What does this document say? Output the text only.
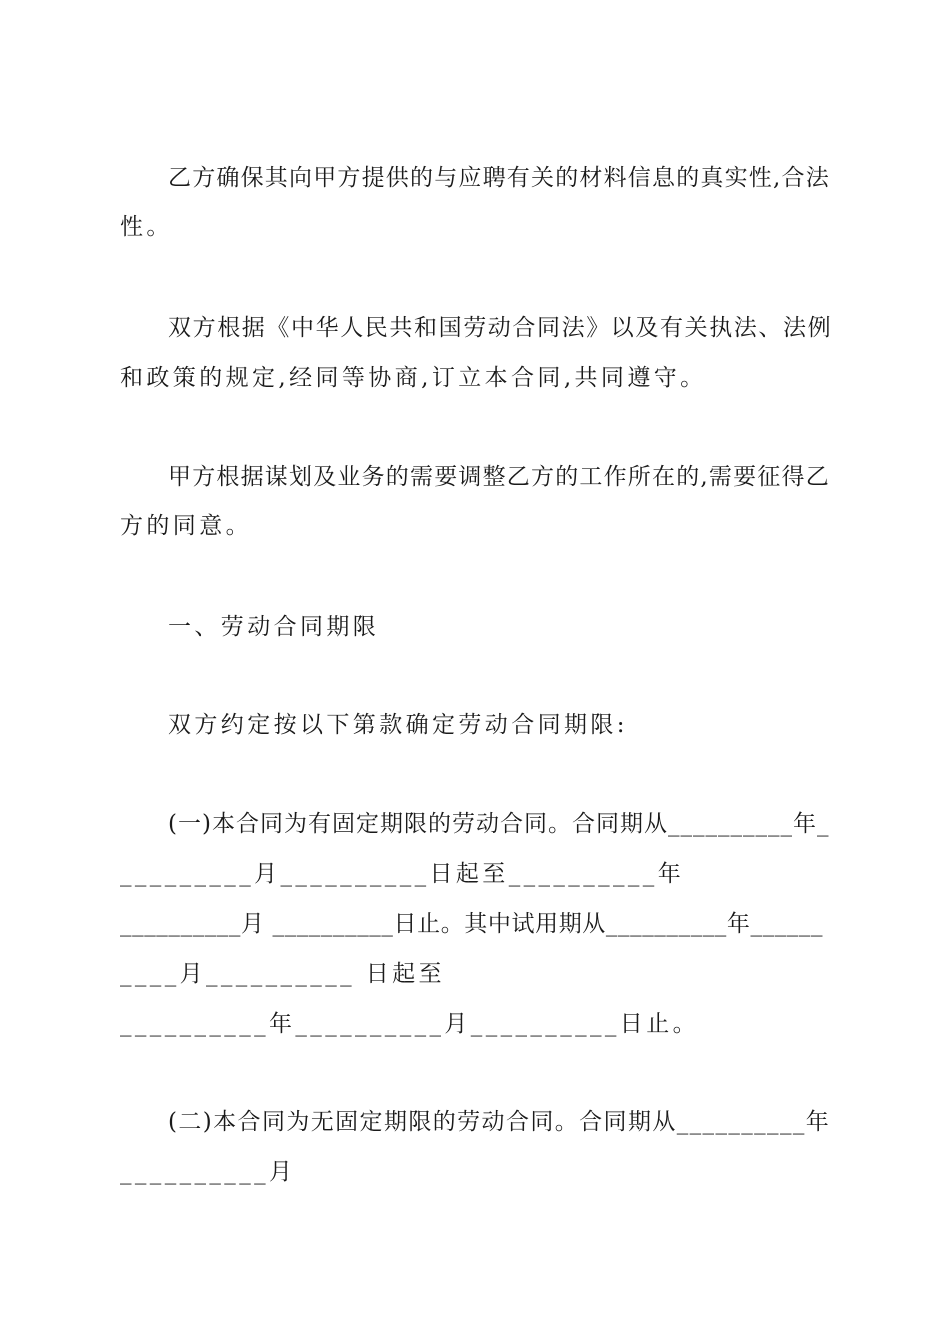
乙方确保其向甲方提供的与应聘有关的材料信息的真实性,合法
性。
双方根据《中华人民共和国劳动合同法》以及有关执法、法例
和政策的规定,经同等协商,订立本合同,共同遵守。
甲方根据谋划及业务的需要调整乙方的工作所在的,需要征得乙
方的同意。
一、劳动合同期限
双方约定按以下第款确定劳动合同期限:
(一)本合同为有固定期限的劳动合同。合同期从__________年_
_________月__________日起至__________年
__________月 __________日止。其中试用期从__________年______
____月__________ 日起至
__________年__________月__________日止。
(二)本合同为无固定期限的劳动合同。合同期从__________年
__________月
